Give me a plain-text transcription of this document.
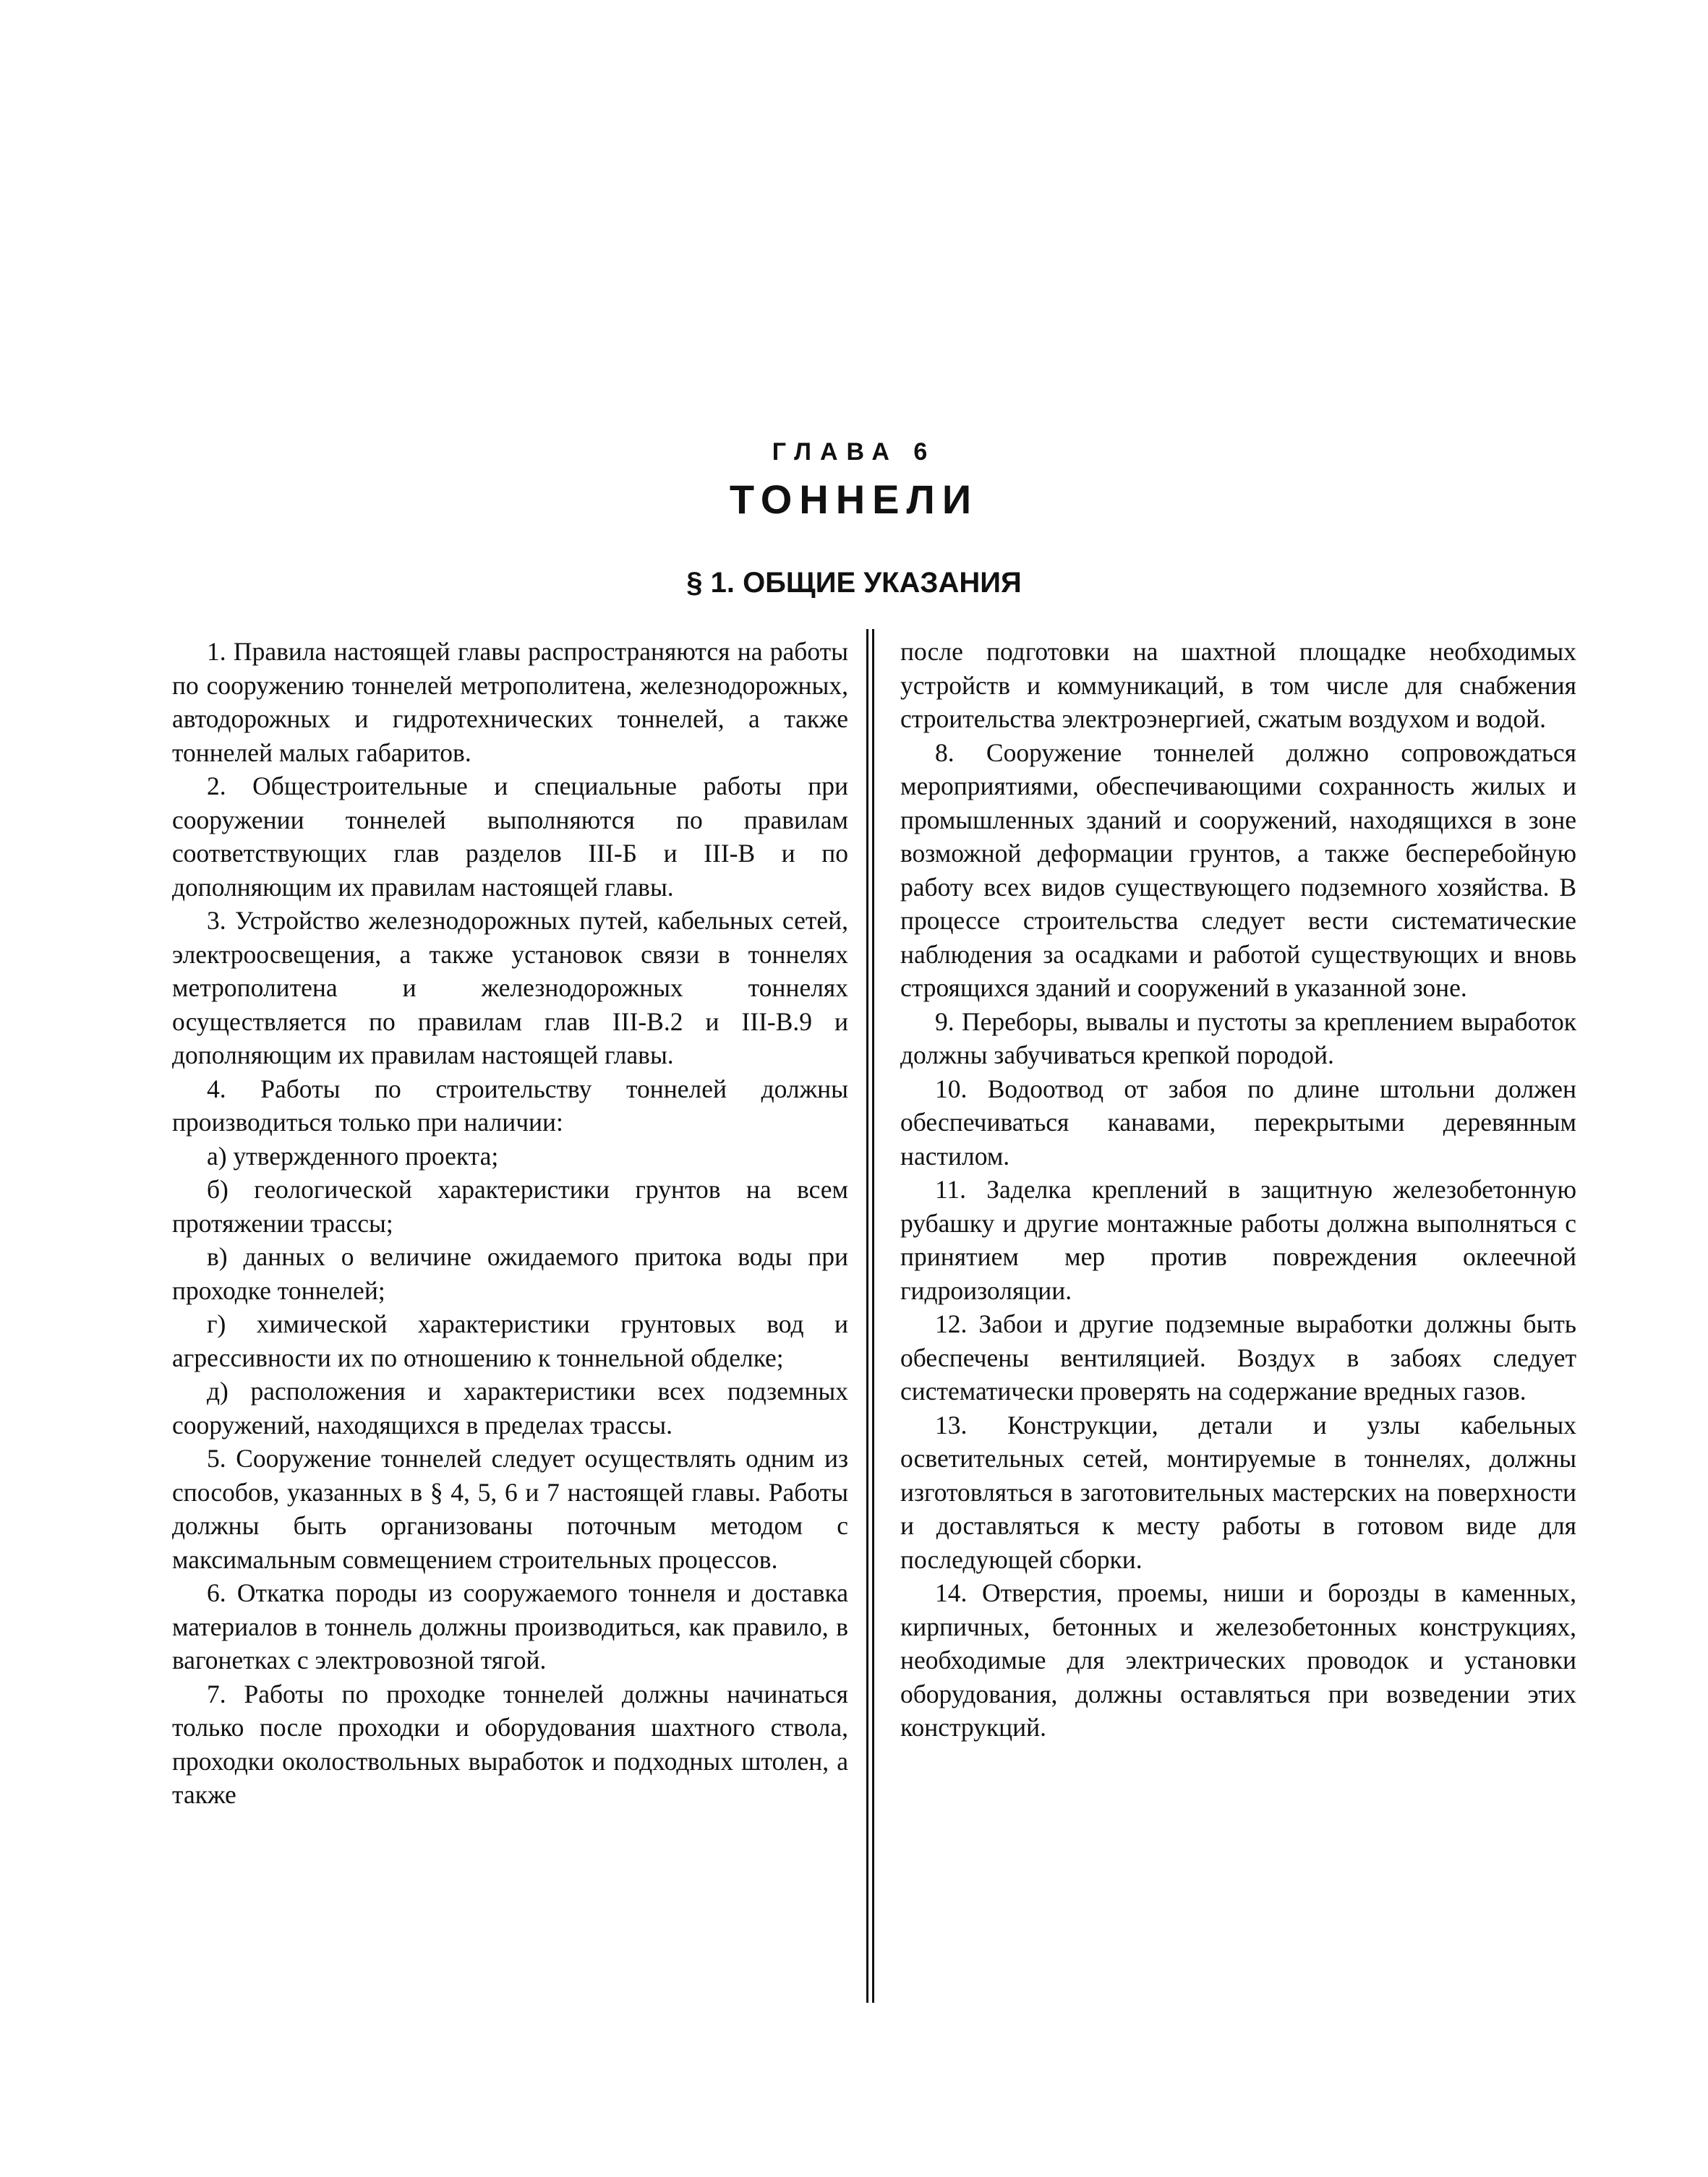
ГЛАВА 6
ТОННЕЛИ
§ 1. ОБЩИЕ УКАЗАНИЯ

1. Правила настоящей главы распространяются на работы по сооружению тоннелей метрополитена, железнодорожных, автодорожных и гидротехнических тоннелей, а также тоннелей малых габаритов.

2. Общестроительные и специальные работы при сооружении тоннелей выполняются по правилам соответствующих глав разделов III-Б и III-В и по дополняющим их правилам настоящей главы.

3. Устройство железнодорожных путей, кабельных сетей, электроосвещения, а также установок связи в тоннелях метрополитена и железнодорожных тоннелях осуществляется по правилам глав III-В.2 и III-В.9 и дополняющим их правилам настоящей главы.

4. Работы по строительству тоннелей должны производиться только при наличии:

а) утвержденного проекта;

б) геологической характеристики грунтов на всем протяжении трассы;

в) данных о величине ожидаемого притока воды при проходке тоннелей;

г) химической характеристики грунтовых вод и агрессивности их по отношению к тоннельной обделке;

д) расположения и характеристики всех подземных сооружений, находящихся в пределах трассы.

5. Сооружение тоннелей следует осуществлять одним из способов, указанных в § 4, 5, 6 и 7 настоящей главы. Работы должны быть организованы поточным методом с максимальным совмещением строительных процессов.

6. Откатка породы из сооружаемого тоннеля и доставка материалов в тоннель должны производиться, как правило, в вагонетках с электровозной тягой.

7. Работы по проходке тоннелей должны начинаться только после проходки и оборудования шахтного ствола, проходки околоствольных выработок и подходных штолен, а также

после подготовки на шахтной площадке необходимых устройств и коммуникаций, в том числе для снабжения строительства электроэнергией, сжатым воздухом и водой.

8. Сооружение тоннелей должно сопровождаться мероприятиями, обеспечивающими сохранность жилых и промышленных зданий и сооружений, находящихся в зоне возможной деформации грунтов, а также бесперебойную работу всех видов существующего подземного хозяйства. В процессе строительства следует вести систематические наблюдения за осадками и работой существующих и вновь строящихся зданий и сооружений в указанной зоне.

9. Переборы, вывалы и пустоты за креплением выработок должны забучиваться крепкой породой.

10. Водоотвод от забоя по длине штольни должен обеспечиваться канавами, перекрытыми деревянным настилом.

11. Заделка креплений в защитную железобетонную рубашку и другие монтажные работы должна выполняться с принятием мер против повреждения оклеечной гидроизоляции.

12. Забои и другие подземные выработки должны быть обеспечены вентиляцией. Воздух в забоях следует систематически проверять на содержание вредных газов.

13. Конструкции, детали и узлы кабельных осветительных сетей, монтируемые в тоннелях, должны изготовляться в заготовительных мастерских на поверхности и доставляться к месту работы в готовом виде для последующей сборки.

14. Отверстия, проемы, ниши и борозды в каменных, кирпичных, бетонных и железобетонных конструкциях, необходимые для электрических проводок и установки оборудования, должны оставляться при возведении этих конструкций.
